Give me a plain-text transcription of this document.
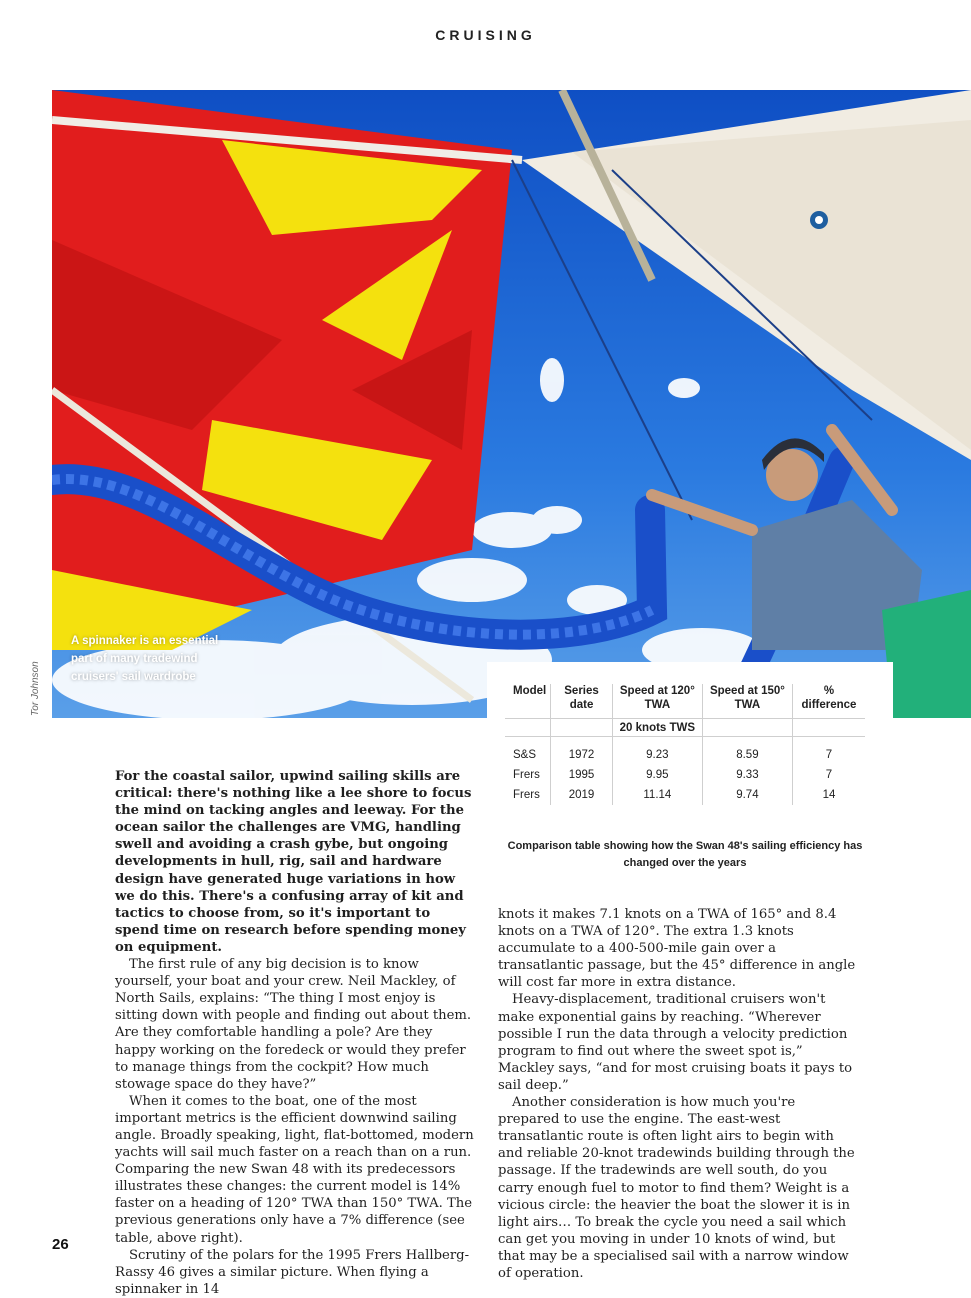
CRUISING
A spinnaker is an essential part of many tradewind cruisers' sail wardrobe
Tor Johnson	Model	Series date	Speed at 120° TWA	Speed at 150° TWA	% difference
		20 knots TWS		

S&S	1972	9.23	8.59	7
Frers	1995	9.95	9.33	7
Frers	2019	11.14	9.74	14
Comparison table showing how the Swan 48's sailing efficiency has changed over the years

For the coastal sailor, upwind sailing skills are critical: there's nothing like a lee shore to focus the mind on tacking angles and leeway. For the ocean sailor the challenges are VMG, handling swell and avoiding a crash gybe, but ongoing developments in hull, rig, sail and hardware design have generated huge variations in how we do this. There's a confusing array of kit and tactics to choose from, so it's important to spend time on research before spending money on equipment.

The first rule of any big decision is to know yourself, your boat and your crew. Neil Mackley, of North Sails, explains: “The thing I most enjoy is sitting down with people and finding out about them. Are they comfortable handling a pole? Are they happy working on the foredeck or would they prefer to manage things from the cockpit? How much stowage space do they have?”

When it comes to the boat, one of the most important metrics is the efficient downwind sailing angle. Broadly speaking, light, flat-bottomed, modern yachts will sail much faster on a reach than on a run. Comparing the new Swan 48 with its predecessors illustrates these changes: the current model is 14% faster on a heading of 120° TWA than 150° TWA. The previous generations only have a 7% difference (see table, above right).

Scrutiny of the polars for the 1995 Frers Hallberg-Rassy 46 gives a similar picture. When flying a spinnaker in 14

knots it makes 7.1 knots on a TWA of 165° and 8.4 knots on a TWA of 120°. The extra 1.3 knots accumulate to a 400-500-mile gain over a transatlantic passage, but the 45° difference in angle will cost far more in extra distance.

Heavy-displacement, traditional cruisers won't make exponential gains by reaching. “Wherever possible I run the data through a velocity prediction program to find out where the sweet spot is,” Mackley says, “and for most cruising boats it pays to sail deep.”

Another consideration is how much you're prepared to use the engine. The east-west transatlantic route is often light airs to begin with and reliable 20-knot tradewinds building through the passage. If the tradewinds are well south, do you carry enough fuel to motor to find them? Weight is a vicious circle: the heavier the boat the slower it is in light airs… To break the cycle you need a sail which can get you moving in under 10 knots of wind, but that may be a specialised sail with a narrow window of operation.

26
